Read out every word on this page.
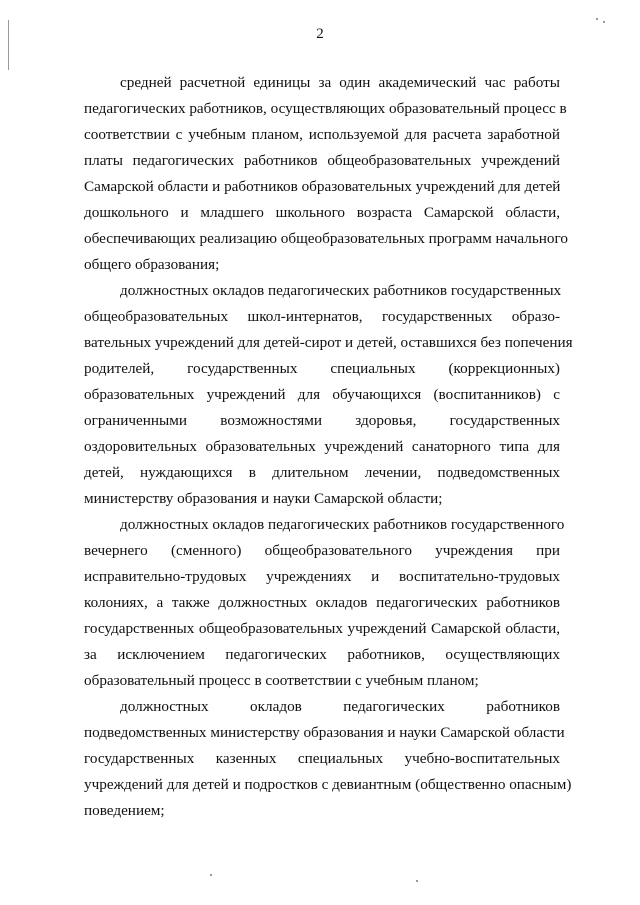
2
средней расчетной единицы за один академический час работы
педагогических работников, осуществляющих образовательный процесс в
соответствии с учебным планом, используемой для расчета заработной
платы педагогических работников общеобразовательных учреждений
Самарской области и работников образовательных учреждений для детей
дошкольного и младшего школьного возраста Самарской области,
обеспечивающих реализацию общеобразовательных программ начального
общего образования;
должностных окладов педагогических работников государственных
общеобразовательных школ-интернатов, государственных образо-
вательных учреждений для детей-сирот и детей, оставшихся без попечения
родителей, государственных специальных (коррекционных)
образовательных учреждений для обучающихся (воспитанников) с
ограниченными возможностями здоровья, государственных
оздоровительных образовательных учреждений санаторного типа для
детей, нуждающихся в длительном лечении, подведомственных
министерству образования и науки Самарской области;
должностных окладов педагогических работников государственного
вечернего (сменного) общеобразовательного учреждения при
исправительно-трудовых учреждениях и воспитательно-трудовых
колониях, а также должностных окладов педагогических работников
государственных общеобразовательных учреждений Самарской области,
за исключением педагогических работников, осуществляющих
образовательный процесс в соответствии с учебным планом;
должностных окладов педагогических работников
подведомственных министерству образования и науки Самарской области
государственных казенных специальных учебно-воспитательных
учреждений для детей и подростков с девиантным (общественно опасным)
поведением;
